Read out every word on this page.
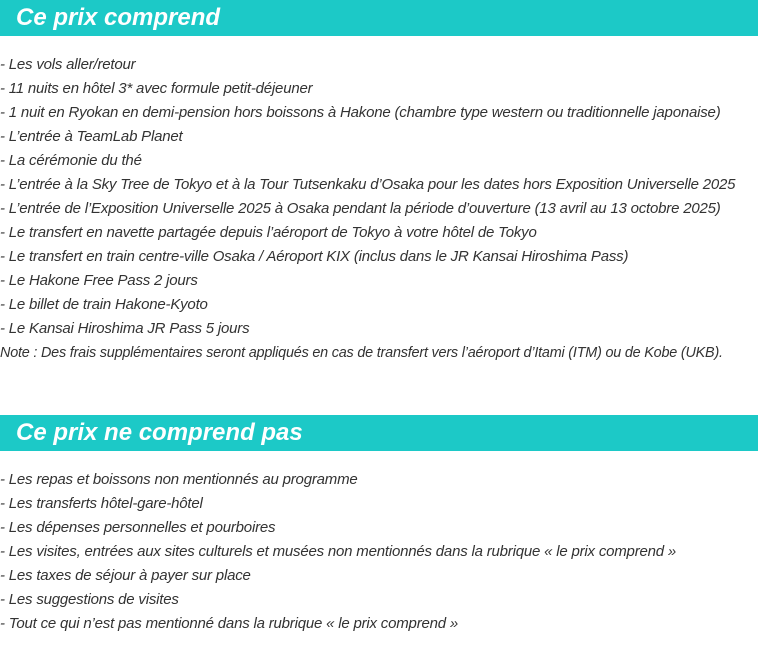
Ce prix comprend
- Les vols aller/retour
- 11 nuits en hôtel 3* avec formule petit-déjeuner
- 1 nuit en Ryokan en demi-pension hors boissons à Hakone (chambre type western ou traditionnelle japonaise)
- L’entrée à TeamLab Planet
- La cérémonie du thé
- L’entrée à la Sky Tree de Tokyo et à la Tour Tutsenkaku d’Osaka pour les dates hors Exposition Universelle 2025
- L’entrée de l’Exposition Universelle 2025 à Osaka pendant la période d’ouverture (13 avril au 13 octobre 2025)
- Le transfert en navette partagée depuis l’aéroport de Tokyo à votre hôtel de Tokyo
- Le transfert en train centre-ville Osaka / Aéroport KIX (inclus dans le JR Kansai Hiroshima Pass)
- Le Hakone Free Pass 2 jours
- Le billet de train Hakone-Kyoto
- Le Kansai Hiroshima JR Pass 5 jours
Note : Des frais supplémentaires seront appliqués en cas de transfert vers l’aéroport d’Itami (ITM) ou de Kobe (UKB).
Ce prix ne comprend pas
- Les repas et boissons non mentionnés au programme
- Les transferts hôtel-gare-hôtel
- Les dépenses personnelles et pourboires
- Les visites, entrées aux sites culturels et musées non mentionnés dans la rubrique « le prix comprend »
- Les taxes de séjour à payer sur place
- Les suggestions de visites
- Tout ce qui n’est pas mentionné dans la rubrique « le prix comprend »
